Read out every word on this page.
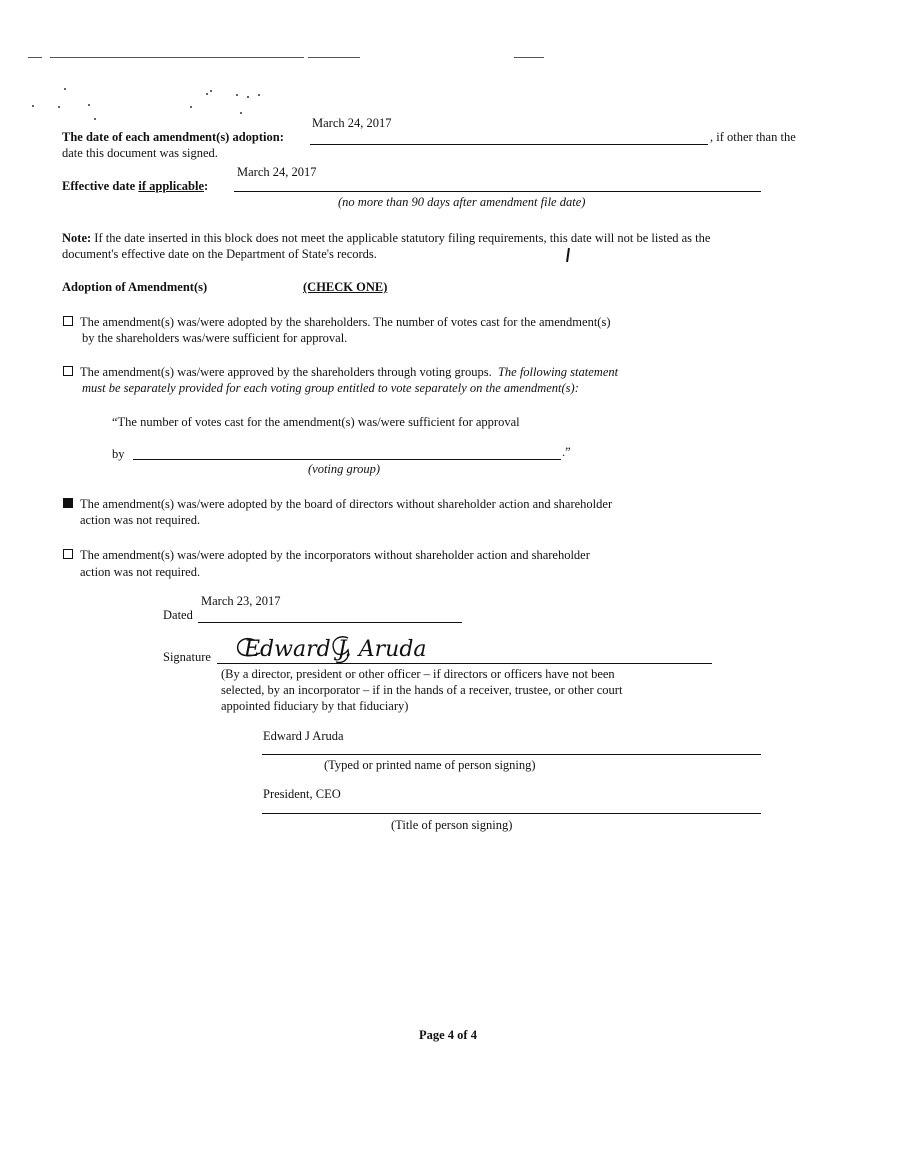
March 24, 2017
The date of each amendment(s) adoption:	, if other than the
date this document was signed.
March 24, 2017
Effective date if applicable:
(no more than 90 days after amendment file date)
Note: If the date inserted in this block does not meet the applicable statutory filing requirements, this date will not be listed as the
document's effective date on the Department of State's records.
Adoption of Amendment(s)	(CHECK ONE)
The amendment(s) was/were adopted by the shareholders. The number of votes cast for the amendment(s)
by the shareholders was/were sufficient for approval.
The amendment(s) was/were approved by the shareholders through voting groups. The following statement
must be separately provided for each voting group entitled to vote separately on the amendment(s):
“The number of votes cast for the amendment(s) was/were sufficient for approval
by	.”
(voting group)
The amendment(s) was/were adopted by the board of directors without shareholder action and shareholder
action was not required.
The amendment(s) was/were adopted by the incorporators without shareholder action and shareholder
action was not required.
March 23, 2017
Dated
Signature Edward J. Aruda
(By a director, president or other officer – if directors or officers have not been
selected, by an incorporator – if in the hands of a receiver, trustee, or other court
appointed fiduciary by that fiduciary)
Edward J Aruda
(Typed or printed name of person signing)
President, CEO
(Title of person signing)
Page 4 of 4
